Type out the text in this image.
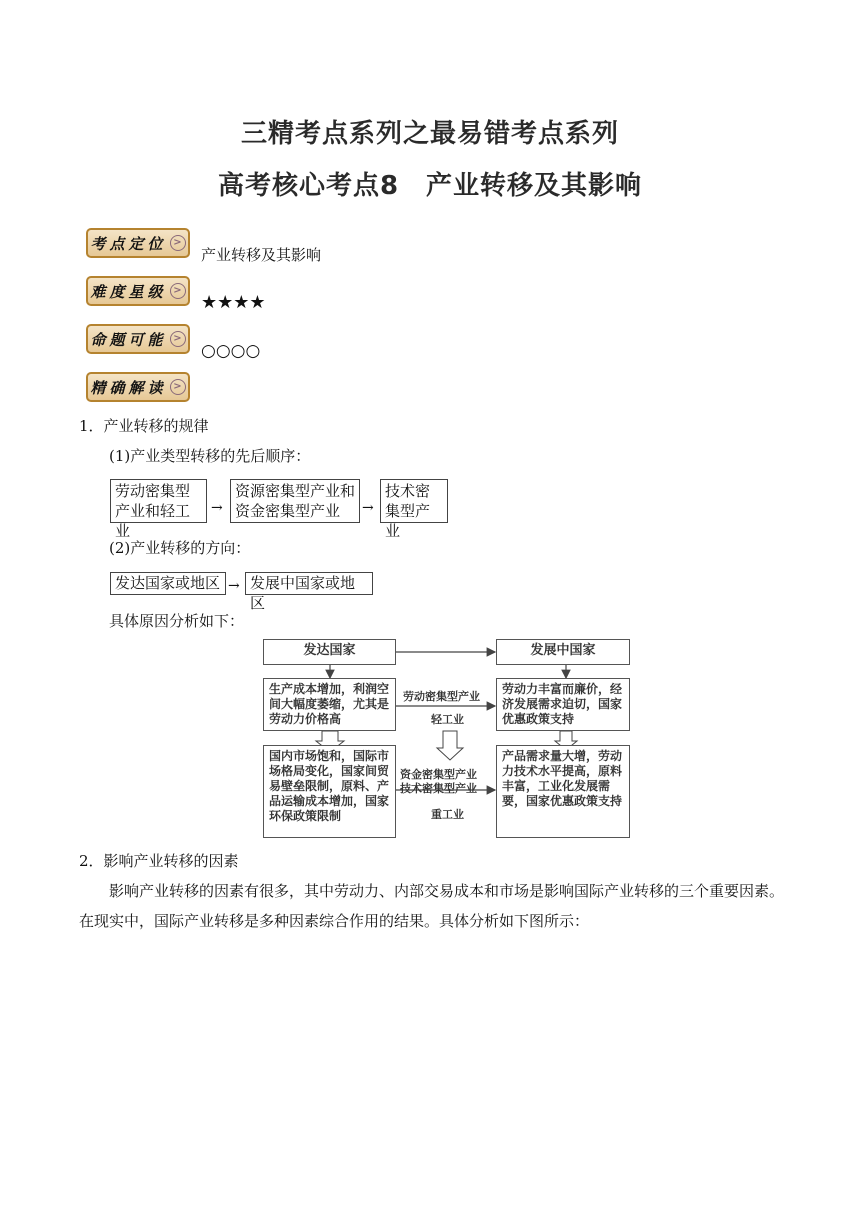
三精考点系列之最易错考点系列
高考核心考点8　产业转移及其影响
考点定位 >
产业转移及其影响
难度星级 >
★★★★
命题可能 >
○○○○
精确解读 >
1．产业转移的规律
(1)产业类型转移的先后顺序：
劳动密集型产业和轻工业
→
资源密集型产业和资金密集型产业	→
技术密集型产业
(2)产业转移的方向：
发达国家或地区 → 发展中国家或地区
具体原因分析如下：
发达国家	发展中国家
生产成本增加，利润空间大幅度萎缩，尤其是劳动力价格高
国内市场饱和，国际市场格局变化，国家间贸易壁垒限制，原料、产品运输成本增加，国家环保政策限制
劳动密集型产业
轻工业
资金密集型产业
技术密集型产业
重工业
劳动力丰富而廉价，经济发展需求迫切，国家优惠政策支持
产品需求量大增，劳动力技术水平提高，原料丰富，工业化发展需要，国家优惠政策支持
2．影响产业转移的因素
影响产业转移的因素有很多，其中劳动力、内部交易成本和市场是影响国际产业转移的三个重要因素。
在现实中，国际产业转移是多种因素综合作用的结果。具体分析如下图所示：
